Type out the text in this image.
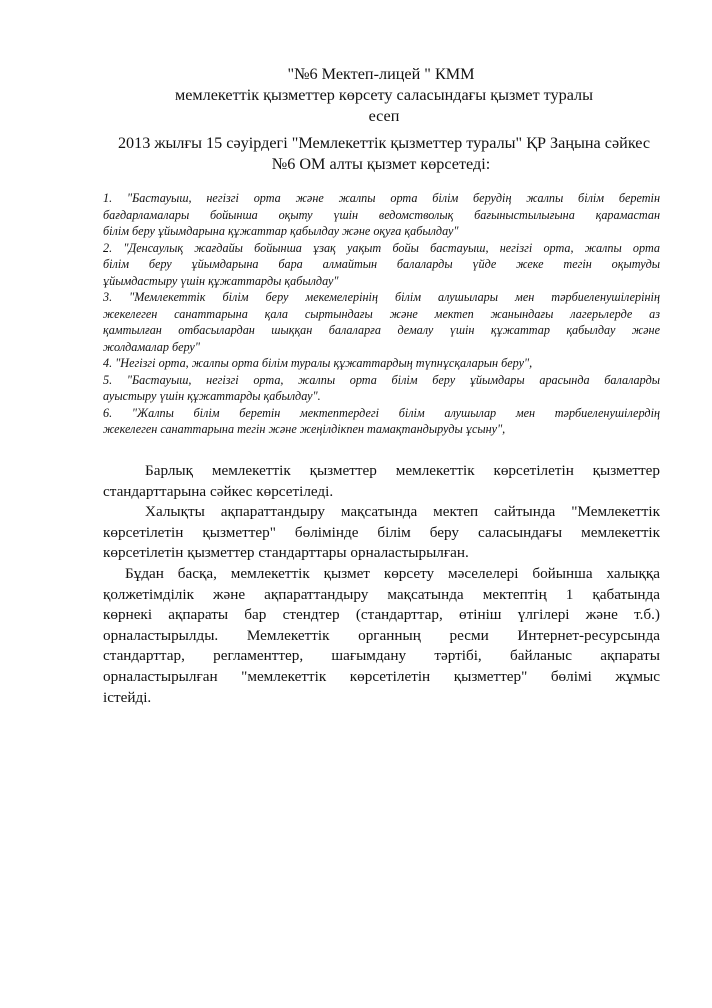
"№6 Мектеп-лицей " КММ
мемлекеттік қызметтер көрсету саласындағы қызмет туралы
есеп
2013 жылғы 15 сәуірдегі "Мемлекеттік қызметтер туралы" ҚР Заңына сәйкес
№6 ОМ алты қызмет көрсетеді:
1. "Бастауыш, негізгі орта және жалпы орта білім берудің жалпы білім беретін
бағдарламалары бойынша оқыту үшін ведомстволық бағыныстылығына қарамастан
білім беру ұйымдарына құжаттар қабылдау және оқуға қабылдау"
2. "Денсаулық жағдайы бойынша ұзақ уақыт бойы бастауыш, негізгі орта, жалпы орта
білім беру ұйымдарына бара алмайтын балаларды үйде жеке тегін оқытуды
ұйымдастыру үшін құжаттарды қабылдау"
3. "Мемлекеттік білім беру мекемелерінің білім алушылары мен тәрбиеленушілерінің
жекелеген санаттарына қала сыртындағы және мектеп жанындағы лагерьлерде аз
қамтылған отбасылардан шыққан балаларға демалу үшін құжаттар қабылдау және
жолдамалар беру"
4. "Негізгі орта, жалпы орта білім туралы құжаттардың түпнұсқаларын беру",
5. "Бастауыш, негізгі орта, жалпы орта білім беру ұйымдары арасында балаларды
ауыстыру үшін құжаттарды қабылдау".
6. "Жалпы білім беретін мектептердегі білім алушылар мен тәрбиеленушілердің
жекелеген санаттарына тегін және жеңілдікпен тамақтандыруды ұсыну",
Барлық мемлекеттік қызметтер мемлекеттік көрсетілетін қызметтер
стандарттарына сәйкес көрсетіледі.
Халықты ақпараттандыру мақсатында мектеп сайтында "Мемлекеттік
көрсетілетін қызметтер" бөлімінде білім беру саласындағы мемлекеттік
көрсетілетін қызметтер стандарттары орналастырылған.
Бұдан басқа, мемлекеттік қызмет көрсету мәселелері бойынша халыққа
қолжетімділік және ақпараттандыру мақсатында мектептің 1 қабатында
көрнекі ақпараты бар стендтер (стандарттар, өтініш үлгілері және т.б.)
орналастырылды. Мемлекеттік органның ресми Интернет-ресурсында
стандарттар, регламенттер, шағымдану тәртібі, байланыс ақпараты
орналастырылған "мемлекеттік көрсетілетін қызметтер" бөлімі жұмыс
істейді.
